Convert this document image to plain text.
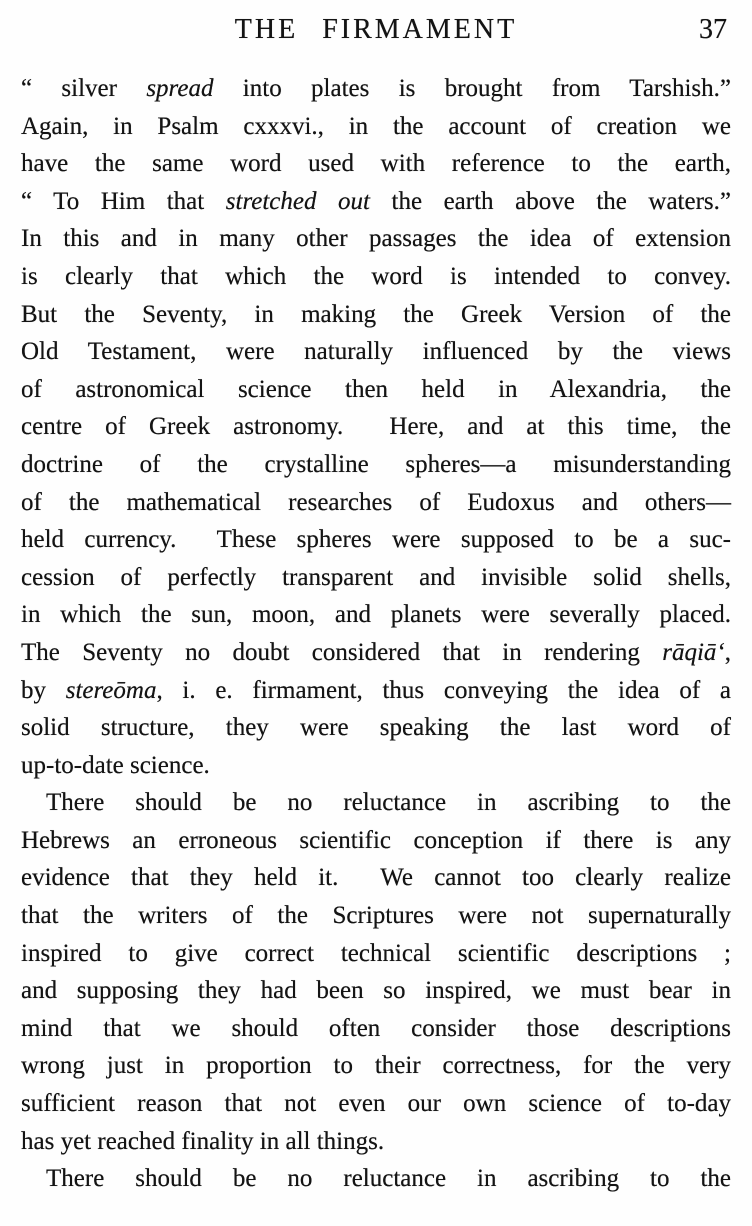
THE FIRMAMENT	37
“ silver spread into plates is brought from Tarshish.”
Again, in Psalm cxxxvi., in the account of creation we
have the same word used with reference to the earth,
“ To Him that stretched out the earth above the waters.”
In this and in many other passages the idea of extension
is clearly that which the word is intended to convey.
But the Seventy, in making the Greek Version of the
Old Testament, were naturally influenced by the views
of astronomical science then held in Alexandria, the
centre of Greek astronomy.  Here, and at this time, the
doctrine of the crystalline spheres—a misunderstanding
of the mathematical researches of Eudoxus and others—
held currency.  These spheres were supposed to be a suc-
cession of perfectly transparent and invisible solid shells,
in which the sun, moon, and planets were severally placed.
The Seventy no doubt considered that in rendering rāqiā‘,
by stereōma, i. e. firmament, thus conveying the idea of a
solid structure, they were speaking the last word of
up-to-date science.
There should be no reluctance in ascribing to the
Hebrews an erroneous scientific conception if there is any
evidence that they held it.  We cannot too clearly realize
that the writers of the Scriptures were not supernaturally
inspired to give correct technical scientific descriptions ;
and supposing they had been so inspired, we must bear in
mind that we should often consider those descriptions
wrong just in proportion to their correctness, for the very
sufficient reason that not even our own science of to-day
has yet reached finality in all things.
There should be no reluctance in ascribing to the
